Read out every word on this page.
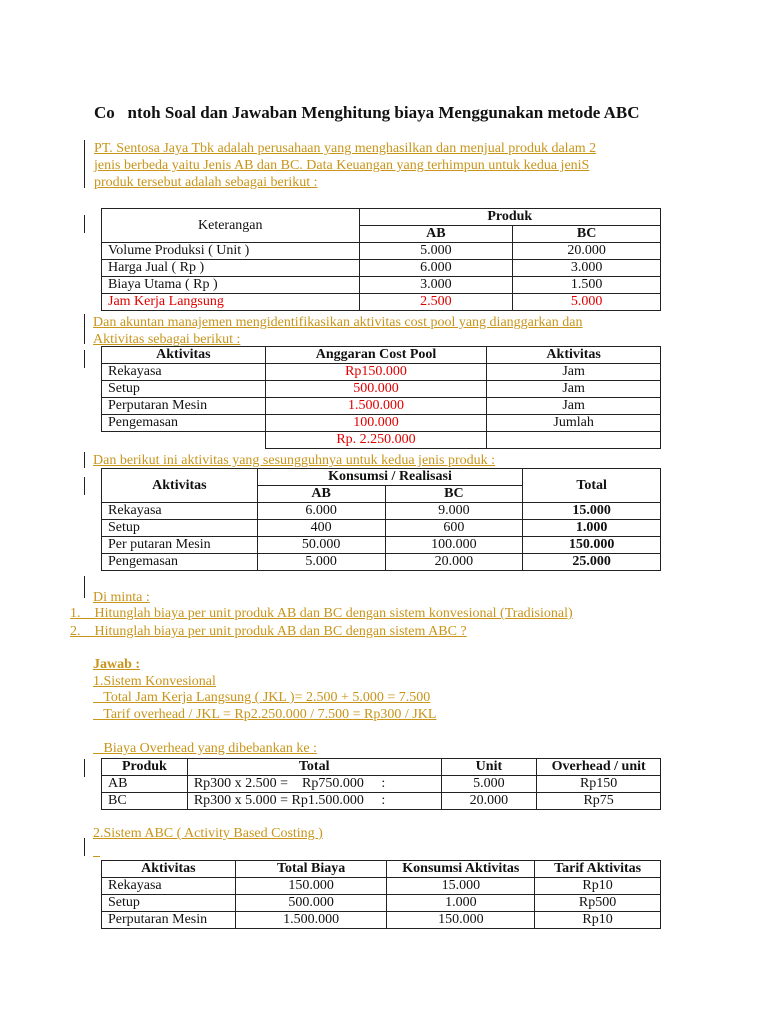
Co   ntoh Soal dan Jawaban Menghitung biaya Menggunakan metode ABC
PT. Sentosa Jaya Tbk adalah perusahaan yang menghasilkan dan menjual produk dalam 2
jenis berbeda yaitu Jenis AB dan BC. Data Keuangan yang terhimpun untuk kedua jeniS
produk tersebut adalah sebagai berikut :
Keterangan	Produk	
	AB	BC
Volume Produksi ( Unit )	5.000	20.000
Harga Jual ( Rp )	6.000	3.000
Biaya Utama ( Rp )	3.000	1.500
Jam Kerja Langsung	2.500	5.000
Dan akuntan manajemen mengidentifikasikan aktivitas cost pool yang dianggarkan dan
Aktivitas sebagai berikut :
Aktivitas	Anggaran Cost Pool	Aktivitas
Rekayasa	Rp150.000	Jam
Setup	500.000	Jam
Perputaran Mesin	1.500.000	Jam
Pengemasan	100.000	Jumlah
	Rp. 2.250.000	
Dan berikut ini aktivitas yang sesungguhnya untuk kedua jenis produk :
Aktivitas	Konsumsi / Realisasi		Total
	AB	BC	
Rekayasa	6.000	9.000	15.000
Setup	400	600	1.000
Per putaran Mesin	50.000	100.000	150.000
Pengemasan	5.000	20.000	25.000
Di minta :
1.    Hitunglah biaya per unit produk AB dan BC dengan sistem konvesional (Tradisional)
2.    Hitunglah biaya per unit produk AB dan BC dengan sistem ABC ?
Jawab :
1.Sistem Konvesional
Total Jam Kerja Langsung ( JKL )= 2.500 + 5.000 = 7.500
Tarif overhead / JKL = Rp2.250.000 / 7.500 = Rp300 / JKL
Biaya Overhead yang dibebankan ke :
Produk	Total	Unit	Overhead / unit
AB	Rp300 x 2.500 =    Rp750.000     :	5.000	Rp150
BC	Rp300 x 5.000 = Rp1.500.000     :	20.000	Rp75
2.Sistem ABC ( Activity Based Costing )
Aktivitas	Total Biaya	Konsumsi Aktivitas	Tarif Aktivitas
Rekayasa	150.000	15.000	Rp10
Setup	500.000	1.000	Rp500
Perputaran Mesin	1.500.000	150.000	Rp10
